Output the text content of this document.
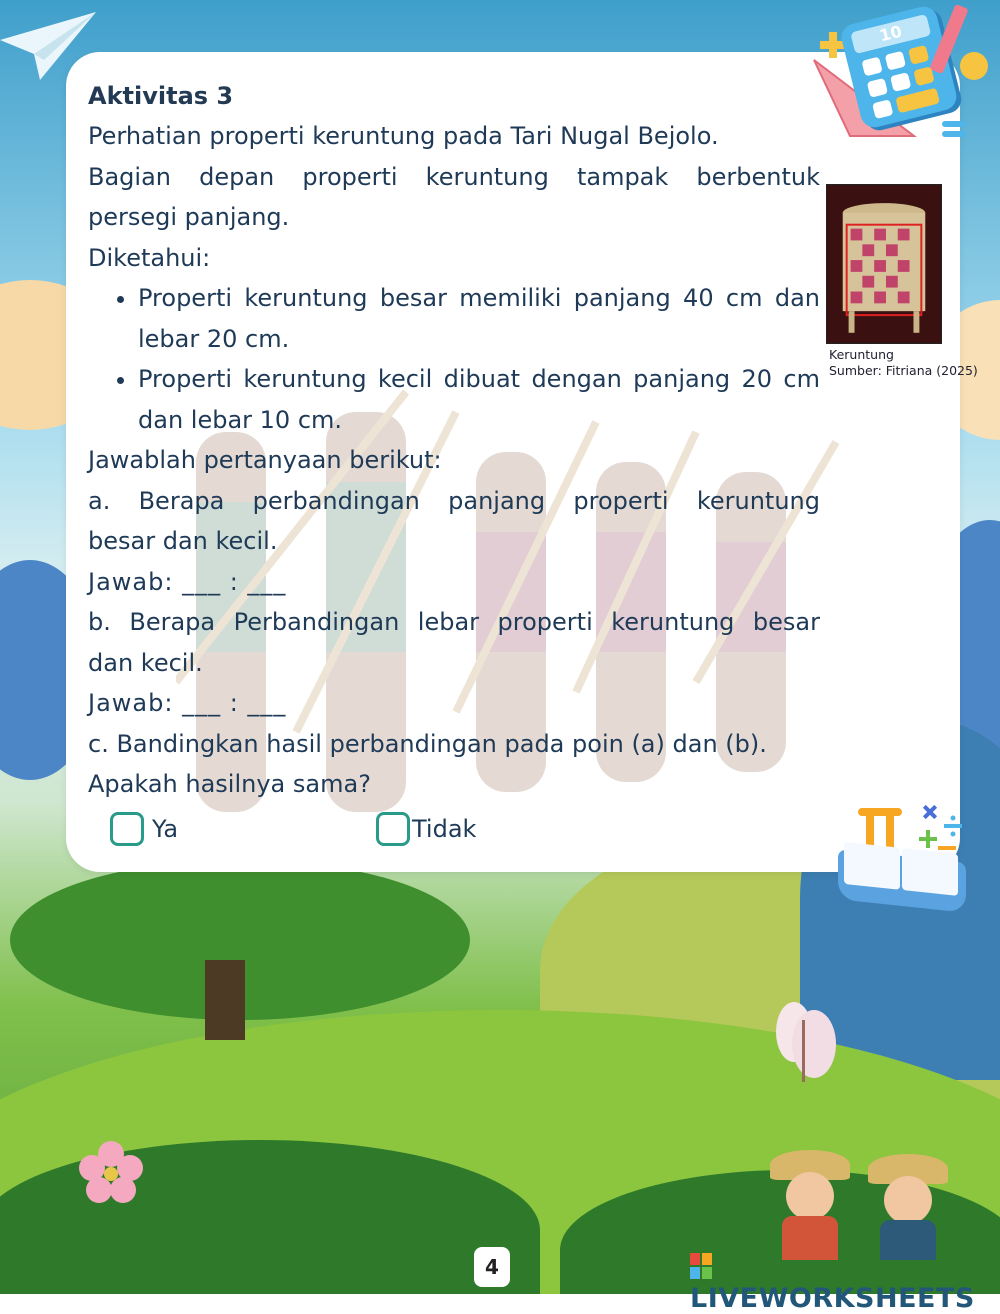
Aktivitas 3

Perhatian properti keruntung pada Tari Nugal Bejolo.

Bagian depan properti keruntung tampak berbentuk

persegi panjang.

Diketahui:

• Properti keruntung besar memiliki panjang 40 cm dan lebar 20 cm.
• Properti keruntung kecil dibuat dengan panjang 20 cm dan lebar 10 cm.

Jawablah pertanyaan berikut:

a. Berapa perbandingan panjang properti keruntung

besar dan kecil.

Jawab: ___ : ___

b. Berapa Perbandingan lebar properti keruntung besar

dan kecil.

Jawab: ___ : ___

c. Bandingkan hasil perbandingan pada poin (a) dan (b).

Apakah hasilnya sama?

Ya	Tidak
Keruntung
Sumber: Fitriana (2025)
10
4
LIVEWORKSHEETS
